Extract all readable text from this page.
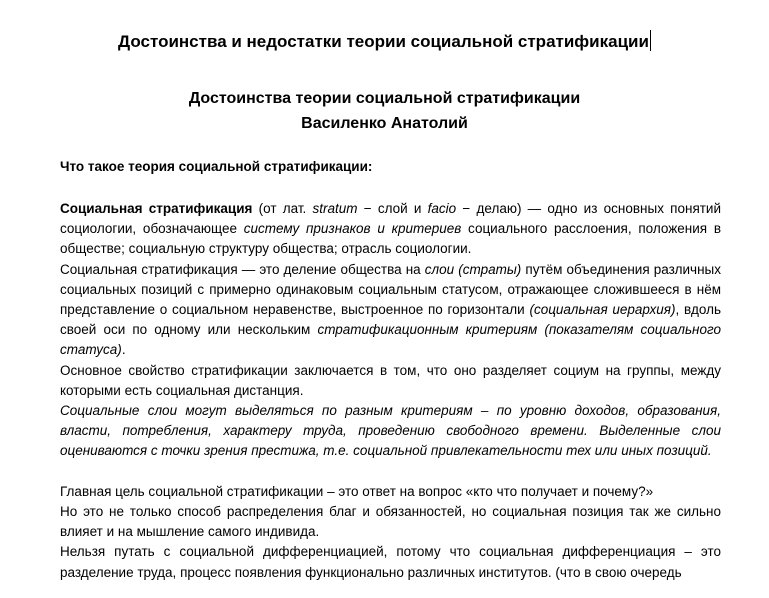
Достоинства и недостатки теории социальной стратификации
Достоинства теории социальной стратификации
Василенко Анатолий
Что такое теория социальной стратификации:

Социальная стратификация (от лат. stratum − слой и facio − делаю) — одно из основных понятий социологии, обозначающее систему признаков и критериев социального расслоения, положения в обществе; социальную структуру общества; отрасль социологии.

Социальная стратификация — это деление общества на слои (страты) путём объединения различных социальных позиций с примерно одинаковым социальным статусом, отражающее сложившееся в нём представление о социальном неравенстве, выстроенное по горизонтали (социальная иерархия), вдоль своей оси по одному или нескольким стратификационным критериям (показателям социального статуса).

Основное свойство стратификации заключается в том, что оно разделяет социум на группы, между которыми есть социальная дистанция.

Социальные слои могут выделяться по разным критериям – по уровню доходов, образования, власти, потребления, характеру труда, проведению свободного времени. Выделенные слои оцениваются с точки зрения престижа, т.е. социальной привлекательности тех или иных позиций.

Главная цель социальной стратификации – это ответ на вопрос «кто что получает и почему?»

Но это не только способ распределения благ и обязанностей, но социальная позиция так же сильно влияет и на мышление самого индивида.

Нельзя путать с социальной дифференциацией, потому что социальная дифференциация – это разделение труда, процесс появления функционально различных институтов. (что в свою очередь
